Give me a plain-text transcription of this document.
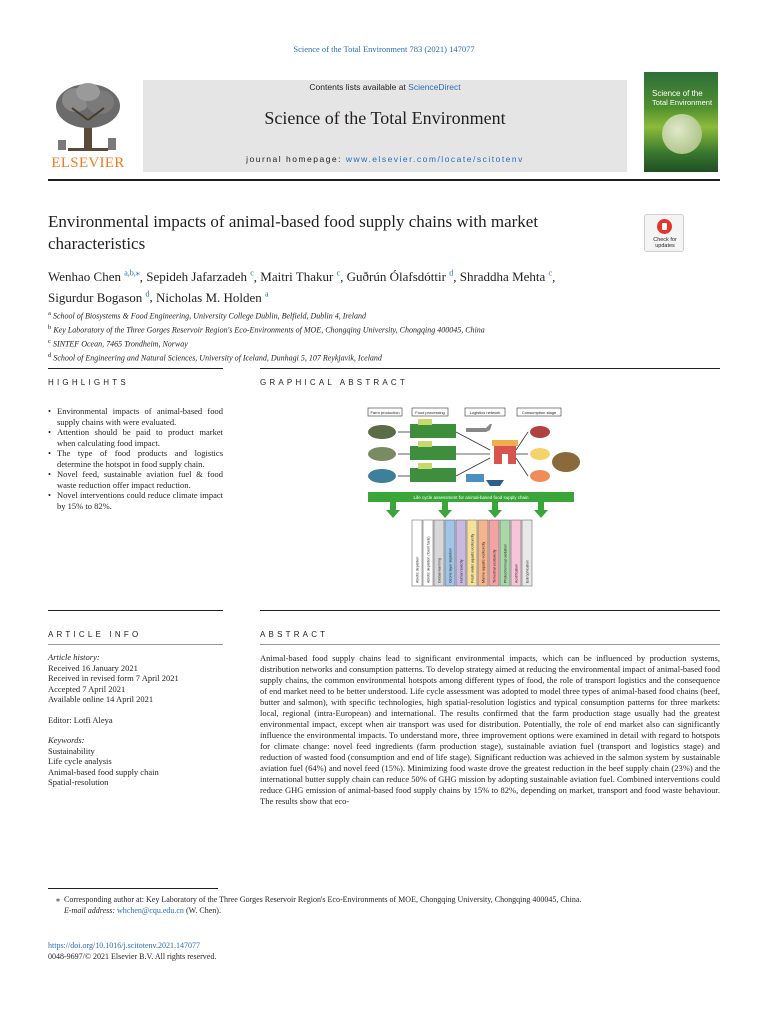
Science of the Total Environment 783 (2021) 147077
ELSEVIER
Contents lists available at ScienceDirect
Science of the Total Environment
journal homepage: www.elsevier.com/locate/scitotenv
Science of the
Total Environment
Environmental impacts of animal-based food supply chains with market characteristics	Check for
updates
Wenhao Chen $^{a,b,⁎}$, Sepideh Jafarzadeh $^c$, Maitri Thakur $^c$, Guðrún Ólafsdóttir $^d$, Shraddha Mehta $^c$,
Sigurdur Bogason $^d$, Nicholas M. Holden $^a$
$^a$ School of Biosystems & Food Engineering, University College Dublin, Belfield, Dublin 4, Ireland
$^b$ Key Laboratory of the Three Gorges Reservoir Region's Eco-Environments of MOE, Chongqing University, Chongqing 400045, China
$^c$ SINTEF Ocean, 7465 Trondheim, Norway
$^d$ School of Engineering and Natural Sciences, University of Iceland, Dunhagi 5, 107 Reykjavik, Iceland
HIGHLIGHTS
• Environmental impacts of animal-based food supply chains with were evaluated.
• Attention should be paid to product market when calculating food impact.
• The type of food products and logistics determine the hotspot in food supply chain.
• Novel feed, sustainable aviation fuel & food waste reduction offer impact reduction.
• Novel interventions could reduce climate impact by 15% to 82%.
GRAPHICAL ABSTRACT
Farm production	Food processing	Logistics network	Consumption stage
Life cycle assessment for animal-based food supply chain
Abiotic depletion Abiotic depletion (fossil fuels) Global warming Ozone layer depletion Human toxicity Fresh water aquatic ecotoxicity Marine aquatic ecotoxicity Terrestrial ecotoxicity Photochemical oxidation Acidification Eutrophication
ARTICLE INFO
Article history:
Received 16 January 2021
Received in revised form 7 April 2021
Accepted 7 April 2021
Available online 14 April 2021
Editor: Lotfi Aleya
Keywords:
Sustainability
Life cycle analysis
Animal-based food supply chain
Spatial-resolution
ABSTRACT
Animal-based food supply chains lead to significant environmental impacts, which can be influenced by production systems, distribution networks and consumption patterns. To develop strategy aimed at reducing the environmental impact of animal-based food supply chains, the common environmental hotspots among different types of food, the role of transport logistics and the consequence of end market need to be better understood. Life cycle assessment was adopted to model three types of animal-based food chains (beef, butter and salmon), with specific technologies, high spatial-resolution logistics and typical consumption patterns for three markets: local, regional (intra-European) and international. The results confirmed that the farm production stage usually had the greatest environmental impact, except when air transport was used for distribution. Potentially, the role of end market also can significantly influence the environmental impacts. To understand more, three improvement options were examined in detail with regard to hotspots for climate change: novel feed ingredients (farm production stage), sustainable aviation fuel (transport and logistics stage) and reduction of wasted food (consumption and end of life stage). Significant reduction was achieved in the salmon system by sustainable aviation fuel (64%) and novel feed (15%). Minimizing food waste drove the greatest reduction in the beef supply chain (23%) and the international butter supply chain can reduce 50% of GHG mission by adopting sustainable aviation fuel. Combined interventions could reduce GHG emission of animal-based food supply chains by 15% to 82%, depending on market, transport and food waste behaviour. The results show that eco-
⁎ Corresponding author at: Key Laboratory of the Three Gorges Reservoir Region's Eco-Environments of MOE, Chongqing University, Chongqing 400045, China.
E-mail address: whchen@cqu.edu.cn (W. Chen).
https://doi.org/10.1016/j.scitotenv.2021.147077
0048-9697/© 2021 Elsevier B.V. All rights reserved.
